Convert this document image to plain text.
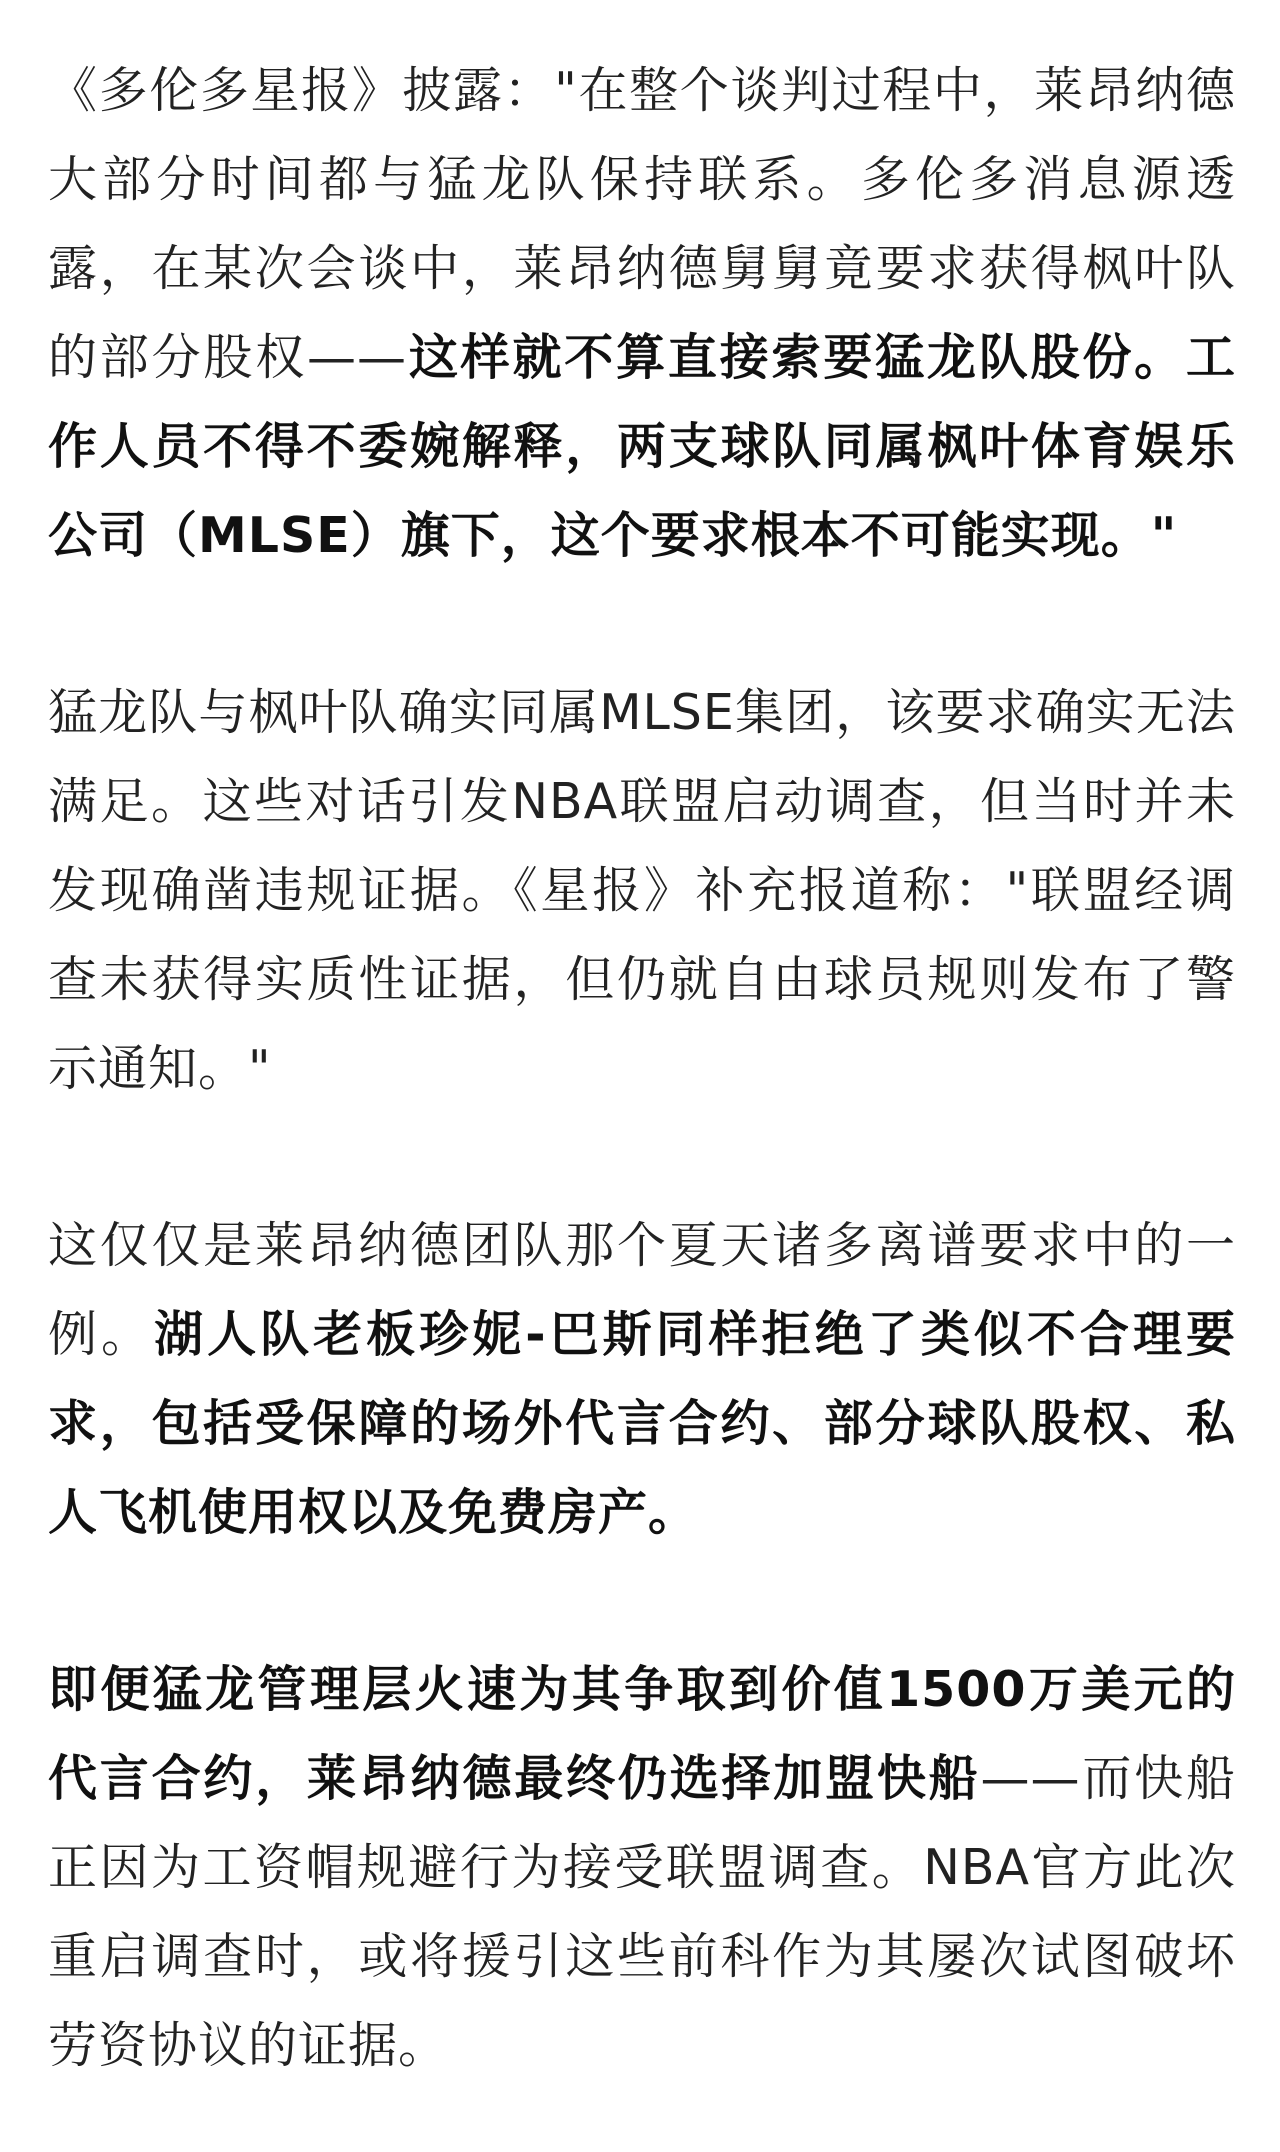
《多伦多星报》披露："在整个谈判过程中，莱昂纳德大部分时间都与猛龙队保持联系。多伦多消息源透露，在某次会谈中，莱昂纳德舅舅竟要求获得枫叶队的部分股权——这样就不算直接索要猛龙队股份。工作人员不得不委婉解释，两支球队同属枫叶体育娱乐公司（MLSE）旗下，这个要求根本不可能实现。"

猛龙队与枫叶队确实同属MLSE集团，该要求确实无法满足。这些对话引发NBA联盟启动调查，但当时并未发现确凿违规证据。《星报》补充报道称："联盟经调查未获得实质性证据，但仍就自由球员规则发布了警示通知。"

这仅仅是莱昂纳德团队那个夏天诸多离谱要求中的一例。湖人队老板珍妮-巴斯同样拒绝了类似不合理要求，包括受保障的场外代言合约、部分球队股权、私人飞机使用权以及免费房产。

即便猛龙管理层火速为其争取到价值1500万美元的代言合约，莱昂纳德最终仍选择加盟快船——而快船正因为工资帽规避行为接受联盟调查。NBA官方此次重启调查时，或将援引这些前科作为其屡次试图破坏劳资协议的证据。
